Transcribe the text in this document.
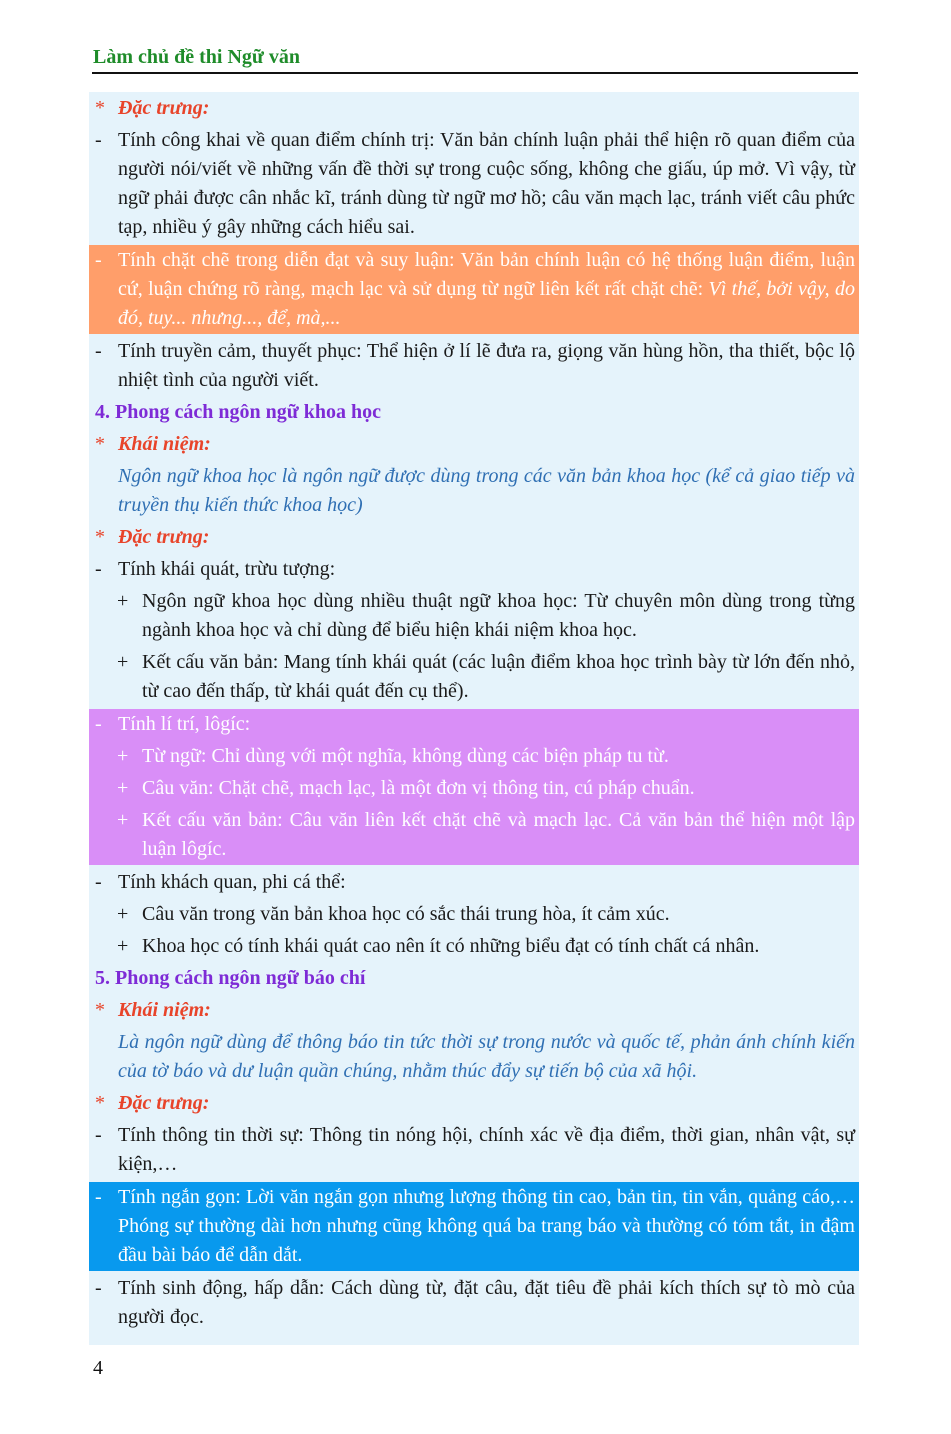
Làm chủ đề thi Ngữ văn
* Đặc trưng:
- Tính công khai về quan điểm chính trị: Văn bản chính luận phải thể hiện rõ quan điểm của người nói/viết về những vấn đề thời sự trong cuộc sống, không che giấu, úp mở. Vì vậy, từ ngữ phải được cân nhắc kĩ, tránh dùng từ ngữ mơ hồ; câu văn mạch lạc, tránh viết câu phức tạp, nhiều ý gây những cách hiểu sai.
- Tính chặt chẽ trong diễn đạt và suy luận: Văn bản chính luận có hệ thống luận điểm, luận cứ, luận chứng rõ ràng, mạch lạc và sử dụng từ ngữ liên kết rất chặt chẽ: Vì thế, bởi vậy, do đó, tuy... nhưng..., để, mà,...
- Tính truyền cảm, thuyết phục: Thể hiện ở lí lẽ đưa ra, giọng văn hùng hồn, tha thiết, bộc lộ nhiệt tình của người viết.
4. Phong cách ngôn ngữ khoa học
* Khái niệm:
Ngôn ngữ khoa học là ngôn ngữ được dùng trong các văn bản khoa học (kể cả giao tiếp và truyền thụ kiến thức khoa học)
* Đặc trưng:
- Tính khái quát, trừu tượng:
+ Ngôn ngữ khoa học dùng nhiều thuật ngữ khoa học: Từ chuyên môn dùng trong từng ngành khoa học và chỉ dùng để biểu hiện khái niệm khoa học.
+ Kết cấu văn bản: Mang tính khái quát (các luận điểm khoa học trình bày từ lớn đến nhỏ, từ cao đến thấp, từ khái quát đến cụ thể).
- Tính lí trí, lôgíc:
+ Từ ngữ: Chỉ dùng với một nghĩa, không dùng các biện pháp tu từ.
+ Câu văn: Chặt chẽ, mạch lạc, là một đơn vị thông tin, cú pháp chuẩn.
+ Kết cấu văn bản: Câu văn liên kết chặt chẽ và mạch lạc. Cả văn bản thể hiện một lập luận lôgíc.
- Tính khách quan, phi cá thể:
+ Câu văn trong văn bản khoa học có sắc thái trung hòa, ít cảm xúc.
+ Khoa học có tính khái quát cao nên ít có những biểu đạt có tính chất cá nhân.
5. Phong cách ngôn ngữ báo chí
* Khái niệm:
Là ngôn ngữ dùng để thông báo tin tức thời sự trong nước và quốc tế, phản ánh chính kiến của tờ báo và dư luận quần chúng, nhằm thúc đẩy sự tiến bộ của xã hội.
* Đặc trưng:
- Tính thông tin thời sự: Thông tin nóng hội, chính xác về địa điểm, thời gian, nhân vật, sự kiện,…
- Tính ngắn gọn: Lời văn ngắn gọn nhưng lượng thông tin cao, bản tin, tin vắn, quảng cáo,… Phóng sự thường dài hơn nhưng cũng không quá ba trang báo và thường có tóm tắt, in đậm đầu bài báo để dẫn dắt.
- Tính sinh động, hấp dẫn: Cách dùng từ, đặt câu, đặt tiêu đề phải kích thích sự tò mò của người đọc.
4
